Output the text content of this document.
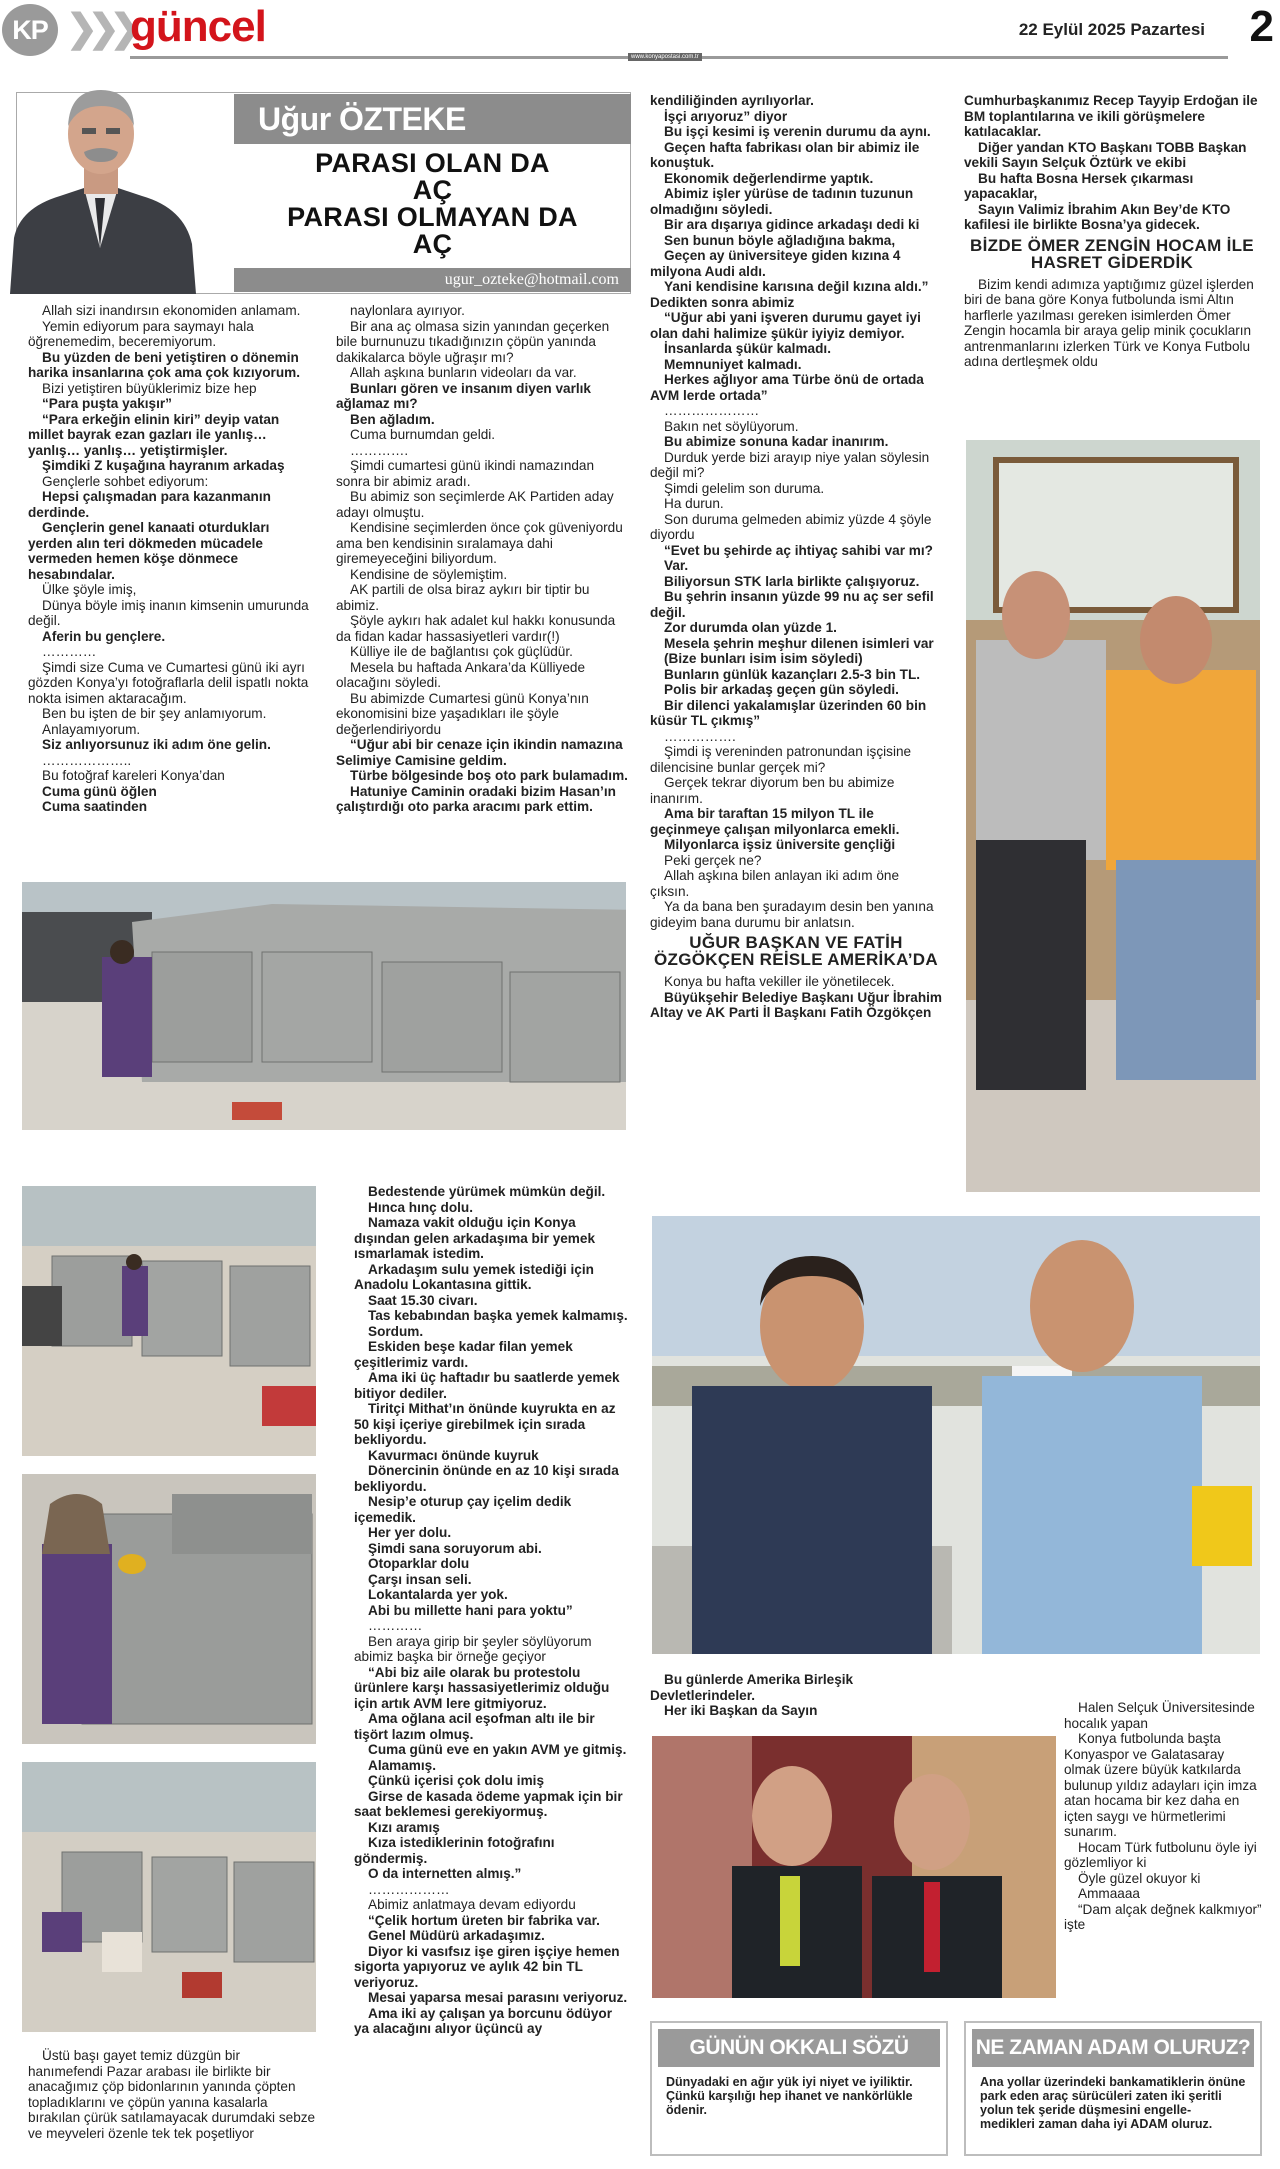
KP ❯❯❯
güncel
www.konyapostasi.com.tr
22 Eylül 2025 Pazartesi 2
Uğur ÖZTEKE
PARASI OLAN DA
AÇ
PARASI OLMAYAN DA
AÇ
ugur_ozteke@hotmail.com

Allah sizi inandırsın ekonomiden anlamam.

Yemin ediyorum para saymayı hala öğrenemedim, beceremiyorum.

Bu yüzden de beni yetiştiren o dönemin harika insanlarına çok ama çok kızıyorum.

Bizi yetiştiren büyüklerimiz bize hep

“Para puşta yakışır”

“Para erkeğin elinin kiri” deyip vatan millet bayrak ezan gazları ile yanlış… yanlış… yanlış… yetiştirmişler.

Şimdiki Z kuşağına hayranım arkadaş

Gençlerle sohbet ediyorum:

Hepsi çalışmadan para kazanmanın derdinde.

Gençlerin genel kanaati oturdukları yerden alın teri dökmeden mücadele vermeden hemen köşe dönmece hesabındalar.

Ülke şöyle imiş,

Dünya böyle imiş inanın kimsenin umurunda değil.

Aferin bu gençlere.

…………

Şimdi size Cuma ve Cumartesi günü iki ayrı gözden Konya’yı fotoğraflarla delil ispatlı nokta nokta isimen aktaracağım.

Ben bu işten de bir şey anlamıyorum.

Anlayamıyorum.

Siz anlıyorsunuz iki adım öne gelin.

………………..

Bu fotoğraf kareleri Konya’dan

Cuma günü öğlen

Cuma saatinden

naylonlara ayırıyor.

Bir ana aç olmasa sizin yanından geçerken bile burnunuzu tıkadığınızın çöpün yanında dakikalarca böyle uğraşır mı?

Allah aşkına bunların videoları da var.

Bunları gören ve insanım diyen varlık ağlamaz mı?

Ben ağladım.

Cuma burnumdan geldi.

………….

Şimdi cumartesi günü ikindi namazından sonra bir abimiz aradı.

Bu abimiz son seçimlerde AK Partiden aday adayı olmuştu.

Kendisine seçimlerden önce çok güveniyordu ama ben kendisinin sıralamaya dahi giremeyeceğini biliyordum.

Kendisine de söylemiştim.

AK partili de olsa biraz aykırı bir tiptir bu abimiz.

Şöyle aykırı hak adalet kul hakkı konusunda da fidan kadar hassasiyetleri vardır(!)

Külliye ile de bağlantısı çok güçlüdür.

Mesela bu haftada Ankara’da Külliyede olacağını söyledi.

Bu abimizde Cumartesi günü Konya’nın ekonomisini bize yaşadıkları ile şöyle değerlendiriyordu

“Uğur abi bir cenaze için ikindin namazına Selimiye Camisine geldim.

Türbe bölgesinde boş oto park bulamadım.

Hatuniye Caminin oradaki bizim Hasan’ın çalıştırdığı oto parka aracımı park ettim.

kendiliğinden ayrılıyorlar.

İşçi arıyoruz” diyor

Bu işçi kesimi iş verenin durumu da aynı.

Geçen hafta fabrikası olan bir abimiz ile konuştuk.

Ekonomik değerlendirme yaptık.

Abimiz işler yürüse de tadının tuzunun olmadığını söyledi.

Bir ara dışarıya gidince arkadaşı dedi ki

Sen bunun böyle ağladığına bakma,

Geçen ay üniversiteye giden kızına 4 milyona Audi aldı.

Yani kendisine karısına değil kızına aldı.” Dedikten sonra abimiz

“Uğur abi yani işveren durumu gayet iyi olan dahi halimize şükür iyiyiz demiyor.

İnsanlarda şükür kalmadı.

Memnuniyet kalmadı.

Herkes ağlıyor ama Türbe önü de ortada AVM lerde ortada”

…………………

Bakın net söylüyorum.

Bu abimize sonuna kadar inanırım.

Durduk yerde bizi arayıp niye yalan söylesin değil mi?

Şimdi gelelim son duruma.

Ha durun.

Son duruma gelmeden abimiz yüzde 4 şöyle diyordu

“Evet bu şehirde aç ihtiyaç sahibi var mı?

Var.

Biliyorsun STK larla birlikte çalışıyoruz.

Bu şehrin insanın yüzde 99 nu aç ser sefil değil.

Zor durumda olan yüzde 1.

Mesela şehrin meşhur dilenen isimleri var

(Bize bunları isim isim söyledi)

Bunların günlük kazançları 2.5-3 bin TL.

Polis bir arkadaş geçen gün söyledi.

Bir dilenci yakalamışlar üzerinden 60 bin küsür TL çıkmış”

…………….

Şimdi iş vereninden patronundan işçisine dilencisine bunlar gerçek mi?

Gerçek tekrar diyorum ben bu abimize inanırım.

Ama bir taraftan 15 milyon TL ile geçinmeye çalışan milyonlarca emekli.

Milyonlarca işsiz üniversite gençliği

Peki gerçek ne?

Allah aşkına bilen anlayan iki adım öne çıksın.

Ya da bana ben şuradayım desin ben yanına gideyim bana durumu bir anlatsın.

UĞUR BAŞKAN VE FATİH ÖZGÖKÇEN REİSLE AMERİKA’DA

Konya bu hafta vekiller ile yönetilecek.

Büyükşehir Belediye Başkanı Uğur İbrahim Altay ve AK Parti İl Başkanı Fatih Özgökçen

Cumhurbaşkanımız Recep Tayyip Erdoğan ile BM toplantılarına ve ikili görüşmelere katılacaklar.

Diğer yandan KTO Başkanı TOBB Başkan vekili Sayın Selçuk Öztürk ve ekibi

Bu hafta Bosna Hersek çıkarması yapacaklar,

Sayın Valimiz İbrahim Akın Bey’de KTO kafilesi ile birlikte Bosna’ya gidecek.

BİZDE ÖMER ZENGİN HOCAM İLE HASRET GİDERDİK

Bizim kendi adımıza yaptığımız güzel işlerden biri de bana göre Konya futbolunda ismi Altın harflerle yazılması gereken isimlerden Ömer Zengin hocamla bir araya gelip minik çocukların antrenmanlarını izlerken Türk ve Konya Futbolu adına dertleşmek oldu

Bedestende yürümek mümkün değil.

Hınca hınç dolu.

Namaza vakit olduğu için Konya dışından gelen arkadaşıma bir yemek ısmarlamak istedim.

Arkadaşım sulu yemek istediği için Anadolu Lokantasına gittik.

Saat 15.30 civarı.

Tas kebabından başka yemek kalmamış.

Sordum.

Eskiden beşe kadar filan yemek çeşitlerimiz vardı.

Ama iki üç haftadır bu saatlerde yemek bitiyor dediler.

Tiritçi Mithat’ın önünde kuyrukta en az 50 kişi içeriye girebilmek için sırada bekliyordu.

Kavurmacı önünde kuyruk

Dönercinin önünde en az 10 kişi sırada bekliyordu.

Nesip’e oturup çay içelim dedik içemedik.

Her yer dolu.

Şimdi sana soruyorum abi.

Otoparklar dolu

Çarşı insan seli.

Lokantalarda yer yok.

Abi bu millette hani para yoktu”

…………

Ben araya girip bir şeyler söylüyorum abimiz başka bir örneğe geçiyor

“Abi biz aile olarak bu protestolu ürünlere karşı hassasiyetlerimiz olduğu için artık AVM lere gitmiyoruz.

Ama oğlana acil eşofman altı ile bir tişört lazım olmuş.

Cuma günü eve en yakın AVM ye gitmiş.

Alamamış.

Çünkü içerisi çok dolu imiş

Girse de kasada ödeme yapmak için bir saat beklemesi gerekiyormuş.

Kızı aramış

Kıza istediklerinin fotoğrafını göndermiş.

O da internetten almış.”

………………

Abimiz anlatmaya devam ediyordu

“Çelik hortum üreten bir fabrika var.

Genel Müdürü arkadaşımız.

Diyor ki vasıfsız işe giren işçiye hemen sigorta yapıyoruz ve aylık 42 bin TL veriyoruz.

Mesai yaparsa mesai parasını veriyoruz.

Ama iki ay çalışan ya borcunu ödüyor ya alacağını alıyor üçüncü ay

Üstü başı gayet temiz düzgün bir hanımefendi Pazar arabası ile birlikte bir anacağımız çöp bidonlarının yanında çöpten topladıklarını ve çöpün yanına kasalarla bırakılan çürük satılamayacak durumdaki sebze ve meyveleri özenle tek tek poşetliyor

Bu günlerde Amerika Birleşik Devletlerindeler.

Her iki Başkan da Sayın	Halen Selçuk Üniversitesinde hocalık yapan

Konya futbolunda başta Konyaspor ve Galatasaray olmak üzere büyük katkılarda bulunup yıldız adayları için imza atan hocama bir kez daha en içten saygı ve hürmetlerimi sunarım.

Hocam Türk futbolunu öyle iyi gözlemliyor ki

Öyle güzel okuyor ki

Ammaaaa

“Dam alçak değnek kalkmıyor” işte

GÜNÜN OKKALI SÖZÜ
Dünyadaki en ağır yük iyi niyet ve iyiliktir. Çünkü karşılığı hep ihanet ve nankörlükle ödenir.
NE ZAMAN ADAM OLURUZ?
Ana yollar üzerindeki bankamatiklerin önüne park eden araç sürücüleri zaten iki şeritli yolun tek şeride düşmesini engelle-medikleri zaman daha iyi ADAM oluruz.
